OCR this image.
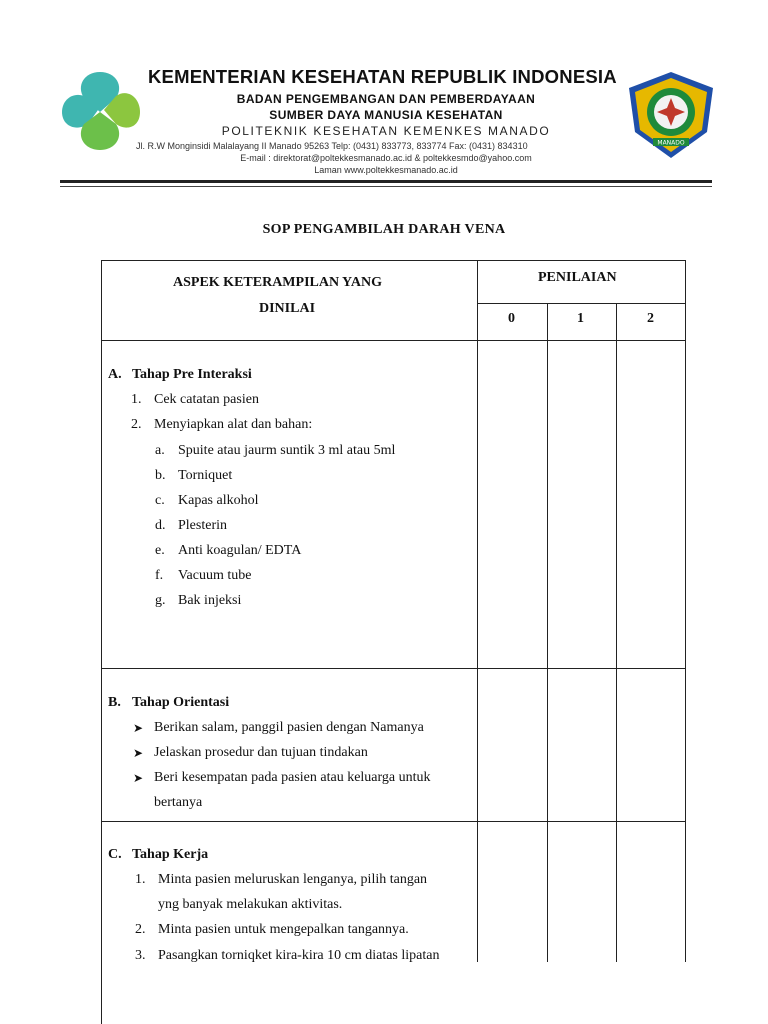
KEMENTERIAN KESEHATAN REPUBLIK INDONESIA
BADAN PENGEMBANGAN DAN PEMBERDAYAAN
SUMBER DAYA MANUSIA KESEHATAN
POLITEKNIK KESEHATAN KEMENKES MANADO
Jl. R.W Monginsidi Malalayang II Manado 95263 Telp: (0431) 833773, 833774 Fax: (0431) 834310
E-mail : direktorat@poltekkesmanado.ac.id & poltekkesmdo@yahoo.com
Laman www.poltekkesmanado.ac.id
MANADO
SOP PENGAMBILAH DARAH VENA
ASPEK KETERAMPILAN YANG
DINILAI
PENILAIAN
0	1	2
A. Tahap Pre Interaksi
1. Cek catatan pasien
2. Menyiapkan alat dan bahan:
a. Spuite atau jaurm suntik 3 ml atau 5ml
b. Torniquet
c. Kapas alkohol
d. Plesterin
e. Anti koagulan/ EDTA
f. Vacuum tube
g. Bak injeksi
B. Tahap Orientasi
➤ Berikan salam, panggil pasien dengan Namanya
➤ Jelaskan prosedur dan tujuan tindakan
➤ Beri kesempatan pada pasien atau keluarga untuk
bertanya
C. Tahap Kerja
1. Minta pasien meluruskan lenganya, pilih tangan
yng banyak melakukan aktivitas.
2. Minta pasien untuk mengepalkan tangannya.
3. Pasangkan torniqket kira-kira 10 cm diatas lipatan
